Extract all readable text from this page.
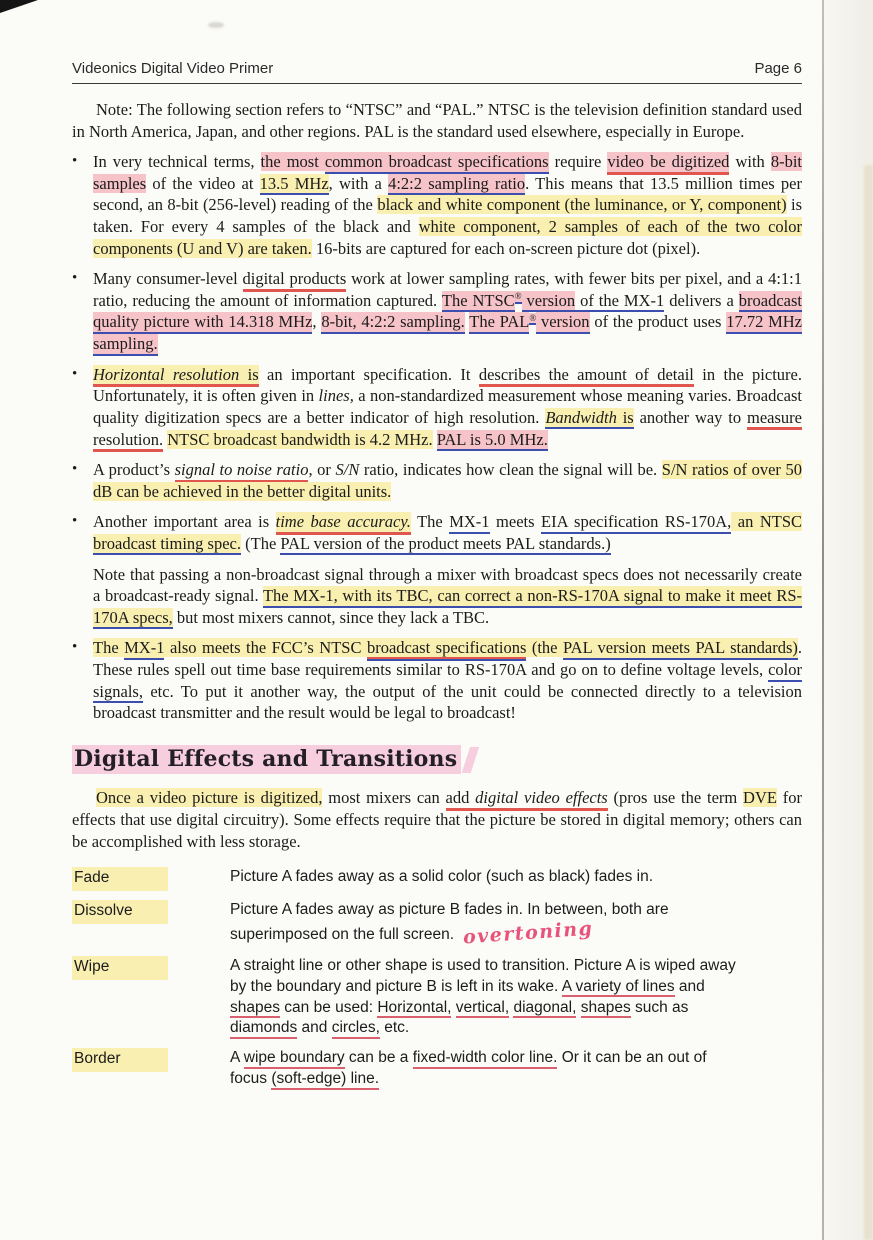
Videonics Digital Video Primer	Page 6

Note: The following section refers to “NTSC” and “PAL.” NTSC is the television definition standard used in North America, Japan, and other regions. PAL is the standard used elsewhere, especially in Europe.

• In very technical terms, the most common broadcast specifications require video be digitized with 8-bit samples of the video at 13.5 MHz, with a 4:2:2 sampling ratio. This means that 13.5 million times per second, an 8-bit (256-level) reading of the black and white component (the luminance, or Y, component) is taken. For every 4 samples of the black and white component, 2 samples of each of the two color components (U and V) are taken. 16-bits are captured for each on-screen picture dot (pixel).

• Many consumer-level digital products work at lower sampling rates, with fewer bits per pixel, and a 4:1:1 ratio, reducing the amount of information captured. The NTSC® version of the MX-1 delivers a broadcast quality picture with 14.318 MHz, 8-bit, 4:2:2 sampling. The PAL® version of the product uses 17.72 MHz sampling.

• Horizontal resolution is an important specification. It describes the amount of detail in the picture. Unfortunately, it is often given in lines, a non-standardized measurement whose meaning varies. Broadcast quality digitization specs are a better indicator of high resolution. Bandwidth is another way to measure resolution. NTSC broadcast bandwidth is 4.2 MHz. PAL is 5.0 MHz.

• A product’s signal to noise ratio, or S/N ratio, indicates how clean the signal will be. S/N ratios of over 50 dB can be achieved in the better digital units.

• Another important area is time base accuracy. The MX-1 meets EIA specification RS-170A, an NTSC broadcast timing spec. (The PAL version of the product meets PAL standards.)

Note that passing a non-broadcast signal through a mixer with broadcast specs does not necessarily create a broadcast-ready signal. The MX-1, with its TBC, can correct a non-RS-170A signal to make it meet RS-170A specs, but most mixers cannot, since they lack a TBC.

• The MX-1 also meets the FCC’s NTSC broadcast specifications (the PAL version meets PAL standards). These rules spell out time base requirements similar to RS-170A and go on to define voltage levels, color signals, etc. To put it another way, the output of the unit could be connected directly to a television broadcast transmitter and the result would be legal to broadcast!

Digital Effects and Transitions

Once a video picture is digitized, most mixers can add digital video effects (pros use the term DVE for effects that use digital circuitry). Some effects require that the picture be stored in digital memory; others can be accomplished with less storage.

Fade	Picture A fades away as a solid color (such as black) fades in.

Dissolve	Picture A fades away as picture B fades in. In between, both are superimposed on the full screen. overtoning

Wipe	A straight line or other shape is used to transition. Picture A is wiped away by the boundary and picture B is left in its wake. A variety of lines and shapes can be used: Horizontal, vertical, diagonal, shapes such as diamonds and circles, etc.

Border	A wipe boundary can be a fixed-width color line. Or it can be an out of focus (soft-edge) line.
